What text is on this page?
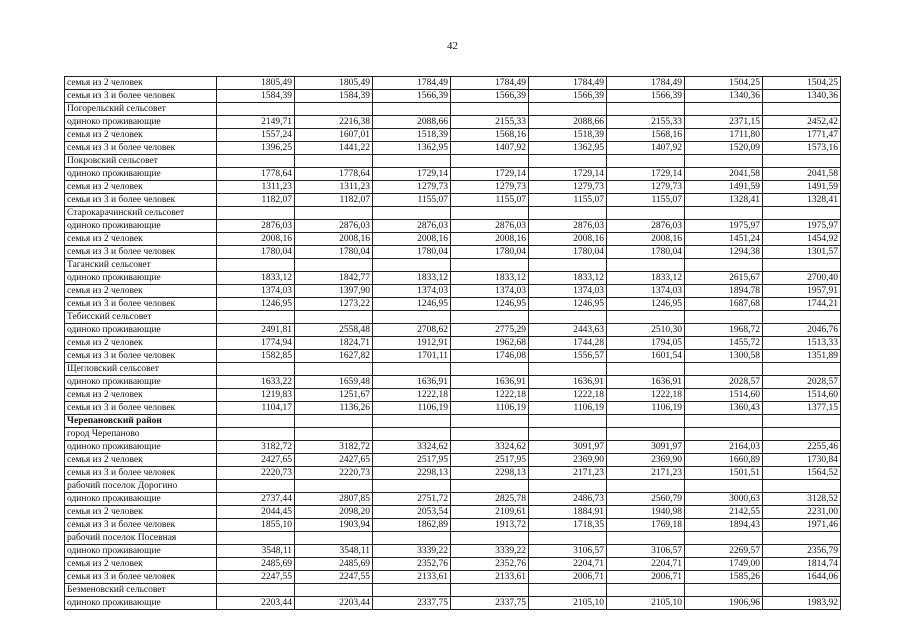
42
семья из 2 человек	1805,49	1805,49	1784,49	1784,49	1784,49	1784,49	1504,25	1504,25
семья из 3 и более человек	1584,39	1584,39	1566,39	1566,39	1566,39	1566,39	1340,36	1340,36
Погорельский сельсовет								
одиноко проживающие	2149,71	2216,38	2088,66	2155,33	2088,66	2155,33	2371,15	2452,42
семья из 2 человек	1557,24	1607,01	1518,39	1568,16	1518,39	1568,16	1711,80	1771,47
семья из 3 и более человек	1396,25	1441,22	1362,95	1407,92	1362,95	1407,92	1520,09	1573,16
Покровский сельсовет								
одиноко проживающие	1778,64	1778,64	1729,14	1729,14	1729,14	1729,14	2041,58	2041,58
семья из 2 человек	1311,23	1311,23	1279,73	1279,73	1279,73	1279,73	1491,59	1491,59
семья из 3 и более человек	1182,07	1182,07	1155,07	1155,07	1155,07	1155,07	1328,41	1328,41
Старокарачинский сельсовет								
одиноко проживающие	2876,03	2876,03	2876,03	2876,03	2876,03	2876,03	1975,97	1975,97
семья из 2 человек	2008,16	2008,16	2008,16	2008,16	2008,16	2008,16	1451,24	1454,92
семья из 3 и более человек	1780,04	1780,04	1780,04	1780,04	1780,04	1780,04	1294,38	1301,57
Таганский сельсовет								
одиноко проживающие	1833,12	1842,77	1833,12	1833,12	1833,12	1833,12	2615,67	2700,40
семья из 2 человек	1374,03	1397,90	1374,03	1374,03	1374,03	1374,03	1894,78	1957,91
семья из 3 и более человек	1246,95	1273,22	1246,95	1246,95	1246,95	1246,95	1687,68	1744,21
Тебисский сельсовет								
одиноко проживающие	2491,81	2558,48	2708,62	2775,29	2443,63	2510,30	1968,72	2046,76
семья из 2 человек	1774,94	1824,71	1912,91	1962,68	1744,28	1794,05	1455,72	1513,33
семья из 3 и более человек	1582,85	1627,82	1701,11	1746,08	1556,57	1601,54	1300,58	1351,89
Щегловский сельсовет								
одиноко проживающие	1633,22	1659,48	1636,91	1636,91	1636,91	1636,91	2028,57	2028,57
семья из 2 человек	1219,83	1251,67	1222,18	1222,18	1222,18	1222,18	1514,60	1514,60
семья из 3 и более человек	1104,17	1136,26	1106,19	1106,19	1106,19	1106,19	1360,43	1377,15
Черепановский район								
город Черепаново								
одиноко проживающие	3182,72	3182,72	3324,62	3324,62	3091,97	3091,97	2164,03	2255,46
семья из 2 человек	2427,65	2427,65	2517,95	2517,95	2369,90	2369,90	1660,89	1730,84
семья из 3 и более человек	2220,73	2220,73	2298,13	2298,13	2171,23	2171,23	1501,51	1564,52
рабочий поселок Дорогино								
одиноко проживающие	2737,44	2807,85	2751,72	2825,78	2486,73	2560,79	3000,63	3128,52
семья из 2 человек	2044,45	2098,20	2053,54	2109,61	1884,91	1940,98	2142,55	2231,00
семья из 3 и более человек	1855,10	1903,94	1862,89	1913,72	1718,35	1769,18	1894,43	1971,46
рабочий поселок Посевная								
одиноко проживающие	3548,11	3548,11	3339,22	3339,22	3106,57	3106,57	2269,57	2356,79
семья из 2 человек	2485,69	2485,69	2352,76	2352,76	2204,71	2204,71	1749,00	1814,74
семья из 3 и более человек	2247,55	2247,55	2133,61	2133,61	2006,71	2006,71	1585,26	1644,06
Безменовский сельсовет								
одиноко проживающие	2203,44	2203,44	2337,75	2337,75	2105,10	2105,10	1906,96	1983,92
